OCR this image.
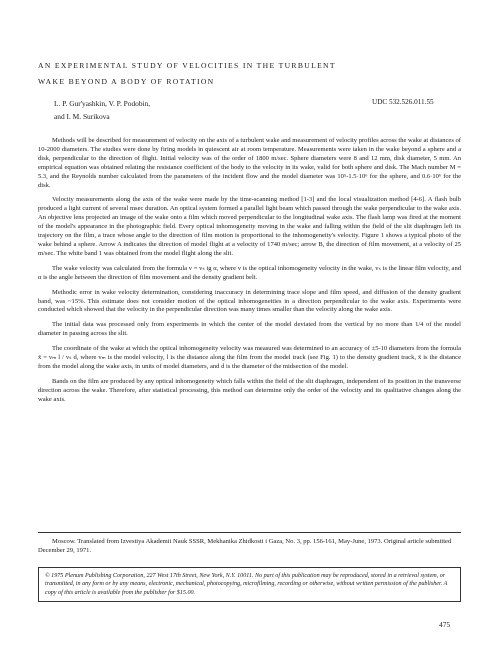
AN EXPERIMENTAL STUDY OF VELOCITIES IN THE TURBULENT
WAKE BEYOND A BODY OF ROTATION
L. P. Gur'yashkin, V. P. Podobin,
and I. M. Surikova
UDC 532.526.011.55

Methods will be described for measurement of velocity on the axis of a turbulent wake and measurement of velocity profiles across the wake at distances of 10-2000 diameters. The studies were done by firing models in quiescent air at room temperature. Measurements were taken in the wake beyond a sphere and a disk, perpendicular to the direction of flight. Initial velocity was of the order of 1800 m/sec. Sphere diameters were 8 and 12 mm, disk diameter, 5 mm. An empirical equation was obtained relating the resistance coefficient of the body to the velocity in its wake, valid for both sphere and disk. The Mach number M = 5.3, and the Reynolds number calculated from the parameters of the incident flow and the model diameter was 10⁵-1.5·10⁶ for the sphere, and 0.6·10⁶ for the disk.

Velocity measurements along the axis of the wake were made by the time-scanning method [1-3] and the local visualization method [4-6]. A flash bulb produced a light current of several msec duration. An optical system formed a parallel light beam which passed through the wake perpendicular to the wake axis. An objective lens projected an image of the wake onto a film which moved perpendicular to the longitudinal wake axis. The flash lamp was fired at the moment of the model's appearance in the photographic field. Every optical inhomogeneity moving in the wake and falling within the field of the slit diaphragm left its trajectory on the film, a trace whose angle to the direction of film motion is proportional to the inhomogeneity's velocity. Figure 1 shows a typical photo of the wake behind a sphere. Arrow A indicates the direction of model flight at a velocity of 1740 m/sec; arrow B, the direction of film movement, at a velocity of 25 m/sec. The white band 1 was obtained from the model flight along the slit.

The wake velocity was calculated from the formula v = vₛ tg α, where v is the optical inhomogeneity velocity in the wake, vₛ is the linear film velocity, and α is the angle between the direction of film movement and the density gradient belt.

Methodic error in wake velocity determination, considering inaccuracy in determining trace slope and film speed, and diffusion of the density gradient band, was ~15%. This estimate does not consider motion of the optical inhomogeneities in a direction perpendicular to the wake axis. Experiments were conducted which showed that the velocity in the perpendicular direction was many times smaller than the velocity along the wake axis.

The initial data was processed only from experiments in which the center of the model deviated from the vertical by no more than 1/4 of the model diameter in passing across the slit.

The coordinate of the wake at which the optical inhomogeneity velocity was measured was determined to an accuracy of ±5-10 diameters from the formula x̄ = vₘ l / vₛ d, where vₘ is the model velocity, l is the distance along the film from the model track (see Fig. 1) to the density gradient track, x̄ is the distance from the model along the wake axis, in units of model diameters, and d is the diameter of the midsection of the model.

Bands on the film are produced by any optical inhomogeneity which falls within the field of the slit diaphragm, independent of its position in the transverse direction across the wake. Therefore, after statistical processing, this method can determine only the order of the velocity and its qualitative changes along the wake axis.

Moscow. Translated from Izvestiya Akademii Nauk SSSR, Mekhanika Zhidkosti i Gaza, No. 3, pp. 156-161, May-June, 1973. Original article submitted December 29, 1971.

© 1975 Plenum Publishing Corporation, 227 West 17th Street, New York, N.Y. 10011. No part of this publication may be reproduced, stored in a retrieval system, or transmitted, in any form or by any means, electronic, mechanical, photocopying, microfilming, recording or otherwise, without written permission of the publisher. A copy of this article is available from the publisher for $15.00.
475
